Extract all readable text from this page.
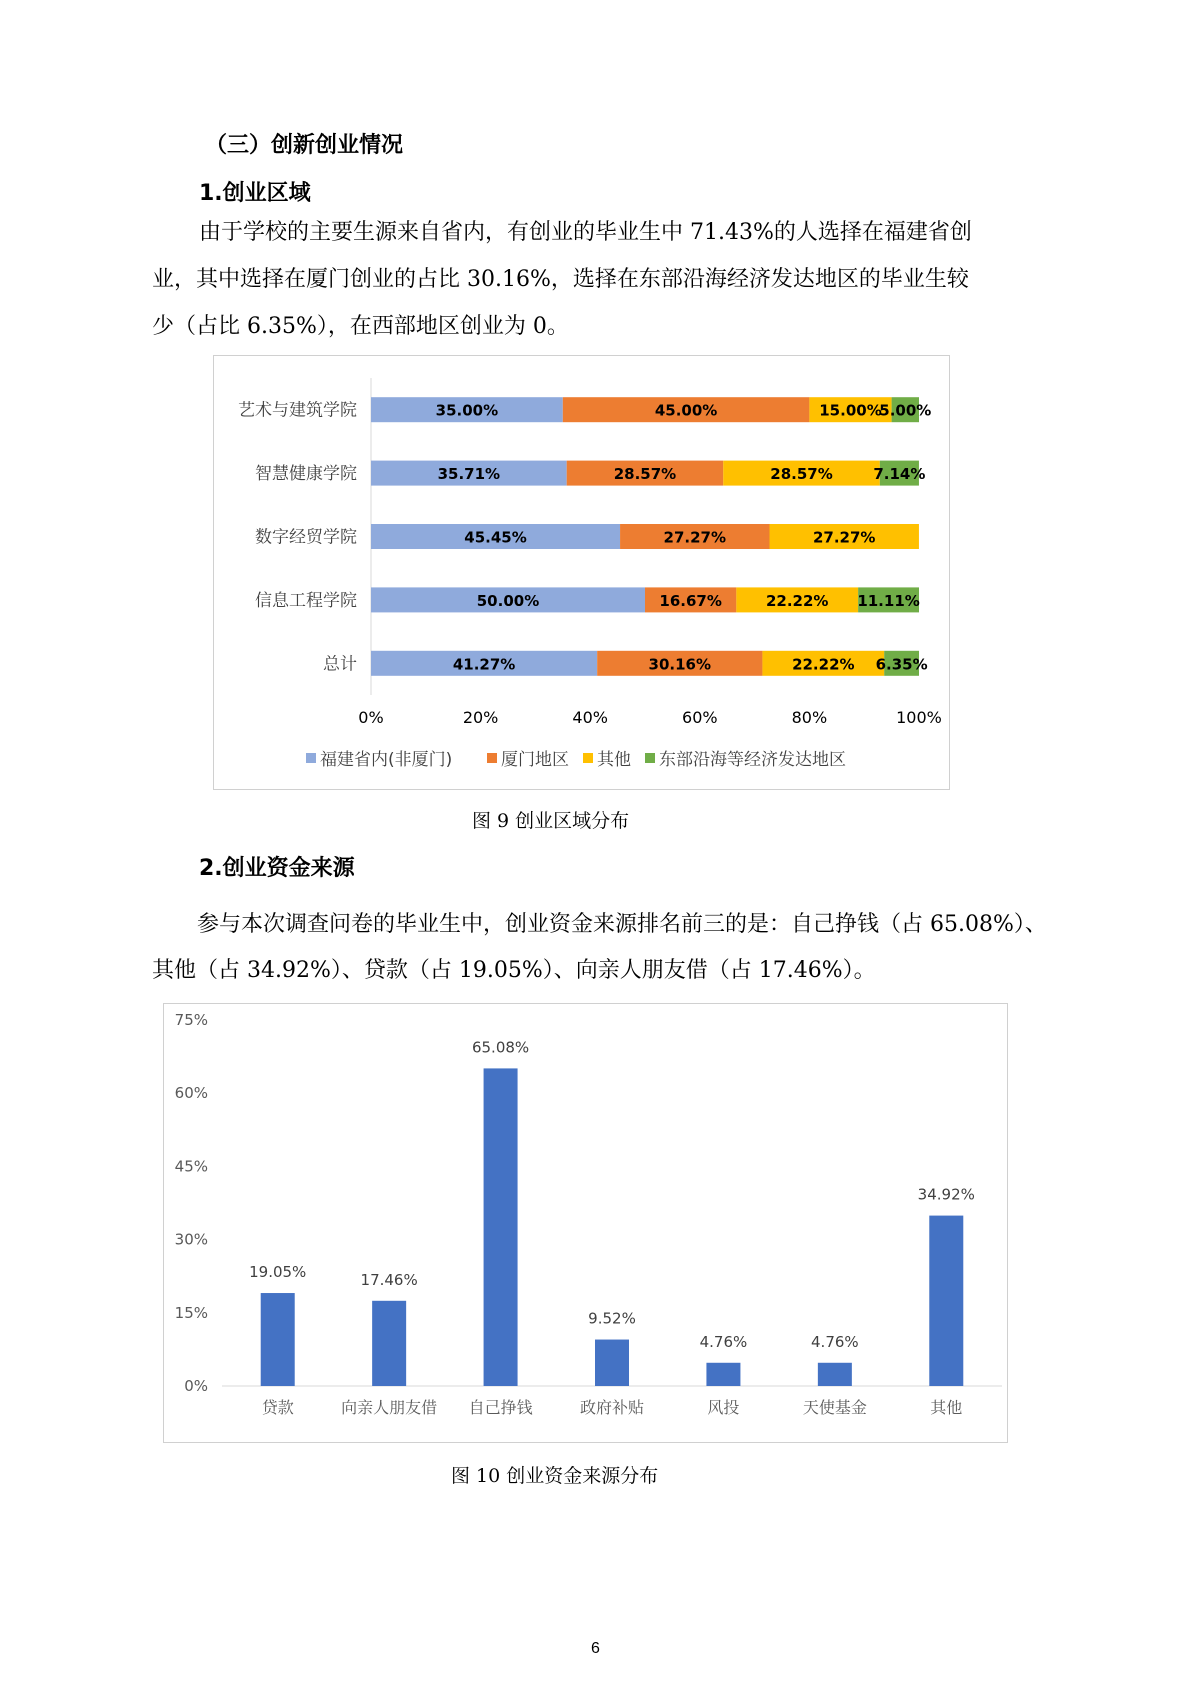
（三）创新创业情况
1.创业区域
由于学校的主要生源来自省内，有创业的毕业生中 71.43%的人选择在福建省创
业，其中选择在厦门创业的占比 30.16%，选择在东部沿海经济发达地区的毕业生较
少（占比 6.35%），在西部地区创业为 0。
艺术与建筑学院	35.00%	45.00%	15.00%
5.00%
智慧健康学院	35.71%	28.57%	28.57%	7.14%
数字经贸学院	45.45%	27.27%	27.27%
信息工程学院	50.00%	16.67%	22.22% 11.11%
总计	41.27%	30.16%	22.22% 6.35%
0%	20%	40%	60%	80%	100%
福建省内(非厦门)	厦门地区 其他 东部沿海等经济发达地区
图 9 创业区域分布
2.创业资金来源
参与本次调查问卷的毕业生中，创业资金来源排名前三的是：自己挣钱（占 65.08%）、
其他（占 34.92%）、贷款（占 19.05%）、向亲人朋友借（占 17.46%）。
0%
15%
30%
45%
60%
75%
19.05%
贷款
17.46%
向亲人朋友借
65.08%
自己挣钱
9.52%
政府补贴
4.76%
风投
4.76%
天使基金
34.92%
其他
图 10 创业资金来源分布
6
